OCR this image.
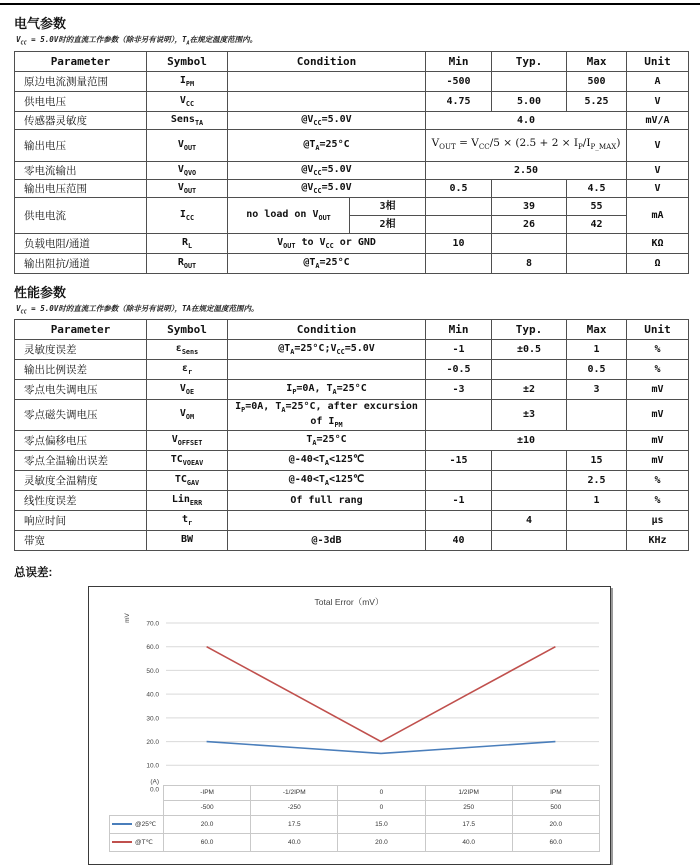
电气参数
$V_{CC} = 5.0V$时的直流工作参数（除非另有说明），$T_A$在规定温度范围内。
Parameter	Symbol	Condition		Min	Typ.	Max	Unit
原边电流测量范围	$I_{PM}$			-500		500	A
供电电压	$V_{CC}$			4.75	5.00	5.25	V
传感器灵敏度	Sens$_{TA}$	$@V_{CC}=5.0V$		4.0			mV/A
输出电压	$V_{OUT}$	$@T_A=25^\circ C$		$V_{OUT} = V_{CC}/5 \times (2.5 + 2 \times I_P/I_{P\_MAX})$			V
零电流输出	$V_{QVO}$	$@V_{CC}=5.0V$		2.50			V
输出电压范围	$V_{OUT}$	$@V_{CC}=5.0V$		0.5		4.5	V
供电电流	$I_{CC}$	no load on $V_{OUT}$	3相		39	55	mA
			2相		26	42	
负载电阻/通道	$R_L$	$V_{OUT}$ to $V_{CC}$ or GND		10			KΩ
输出阻抗/通道	$R_{OUT}$	$@T_A=25^\circ C$			8		Ω
性能参数
$V_{CC} = 5.0V$时的直流工作参数（除非另有说明），TA在规定温度范围内。
Parameter	Symbol	Condition	Min	Typ.	Max	Unit
灵敏度误差	$\varepsilon_{Sens}$	$@T_A=25^\circ C;V_{CC}=5.0V$	-1	±0.5	1	%
输出比例误差	$\varepsilon_r$		-0.5		0.5	%
零点电失调电压	$V_{OE}$	$I_P=0A$, $T_A=25^\circ C$	-3	±2	3	mV
零点磁失调电压	$V_{OM}$	$I_P=0A$, $T_A=25^\circ C$, after excursion of $I_{PM}$		±3		mV
零点偏移电压	$V_{OFFSET}$	$T_A=25^\circ C$	±10			mV
零点全温输出误差	$TC_{VOEAV}$	$@-40<T_A<125℃$	-15		15	mV
灵敏度全温精度	$TC_{GAV}$	$@-40<T_A<125℃$			2.5	%
线性度误差	Lin$_{ERR}$	Of full rang	-1		1	%
响应时间	$t_r$			4		μs
带宽	BW	@-3dB	40			KHz
总误差:
Total Error（mV）
mV
70.0
60.0
50.0
40.0
30.0
20.0
10.0
0.0
(A)
	-IPM	-1/2IPM	0	1/2IPM	IPM
	-500	-250	0	250	500
@25℃	20.0	17.5	15.0	17.5	20.0
@T℃	60.0	40.0	20.0	40.0	60.0
